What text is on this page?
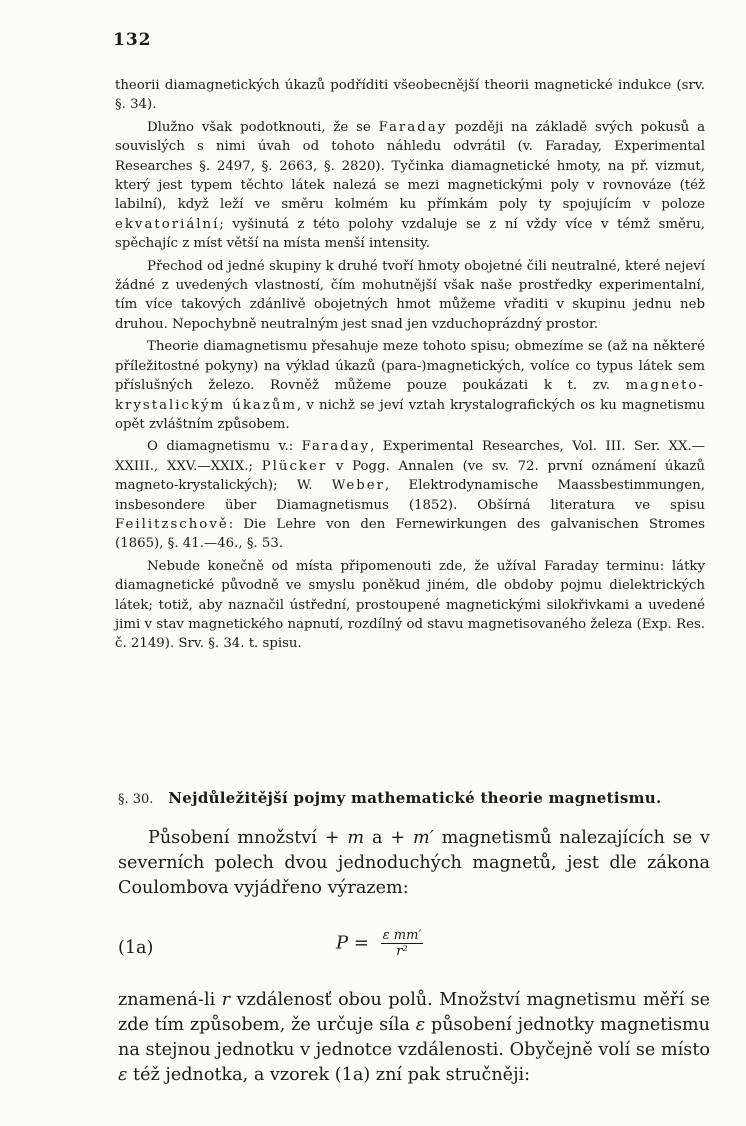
132

theorii diamagnetických úkazů podříditi všeobecnější theorii magnetické indukce (srv. §. 34).

Dlužno však podotknouti, že se Faraday později na základě svých pokusů a souvislých s nimi úvah od tohoto náhledu odvrátil (v. Faraday, Experimental Researches §. 2497, §. 2663, §. 2820). Tyčinka diamagnetické hmoty, na př. vizmut, který jest typem těchto látek nalezá se mezi magnetickými poly v rovnováze (též labilní), když leží ve směru kolmém ku přímkám poly ty spojujícím v poloze ekvatoriální; vyšinutá z této polohy vzdaluje se z ní vždy více v témž směru, spěchajíc z míst větší na místa menší intensity.

Přechod od jedné skupiny k druhé tvoří hmoty obojetné čili neutralné, které nejeví žádné z uvedených vlastností, čím mohutnější však naše prostředky experimentalní, tím více takových zdánlivě obojetných hmot můžeme vřaditi v skupinu jednu neb druhou. Nepochybně neutralným jest snad jen vzduchoprázdný prostor.

Theorie diamagnetismu přesahuje meze tohoto spisu; obmezíme se (až na některé příležitostné pokyny) na výklad úkazů (para-)magnetických, volíce co typus látek sem příslušných železo. Rovněž můžeme pouze poukázati k t. zv. magneto-krystalickým úkazům, v nichž se jeví vztah krystalografických os ku magnetismu opět zvláštním způsobem.

O diamagnetismu v.: Faraday, Experimental Researches, Vol. III. Ser. XX.—XXIII., XXV.—XXIX.; Plücker v Pogg. Annalen (ve sv. 72. první oznámení úkazů magneto-krystalických); W. Weber, Elektrodynamische Maassbestimmungen, insbesondere über Diamagnetismus (1852). Obšírná literatura ve spisu Feilitzschově: Die Lehre von den Fernewirkungen des galvanischen Stromes (1865), §. 41.—46., §. 53.

Nebude konečně od místa připomenouti zde, že užíval Faraday terminu: látky diamagnetické původně ve smyslu poněkud jiném, dle obdoby pojmu dielektrických látek; totiž, aby naznačil ústřední, prostoupené magnetickými silokřivkami a uvedené jimi v stav magnetického napnutí, rozdílný od stavu magnetisovaného železa (Exp. Res. č. 2149). Srv. §. 34. t. spisu.

§. 30. Nejdůležitější pojmy mathematické theorie magnetismu.

Působení množství + m a + m′ magnetismů nalezajících se v severních polech dvou jednoduchých magnetů, jest dle zákona Coulombova vyjádřeno výrazem:

(1a)	$P = \frac{\text{ε mm′}}{\text{r²}}$

znamená-li r vzdálenosť obou polů. Množství magnetismu měří se zde tím způsobem, že určuje síla ε působení jednotky magnetismu na stejnou jednotku v jednotce vzdálenosti. Obyčejně volí se místo ε též jednotka, a vzorek (1a) zní pak stručněji:
